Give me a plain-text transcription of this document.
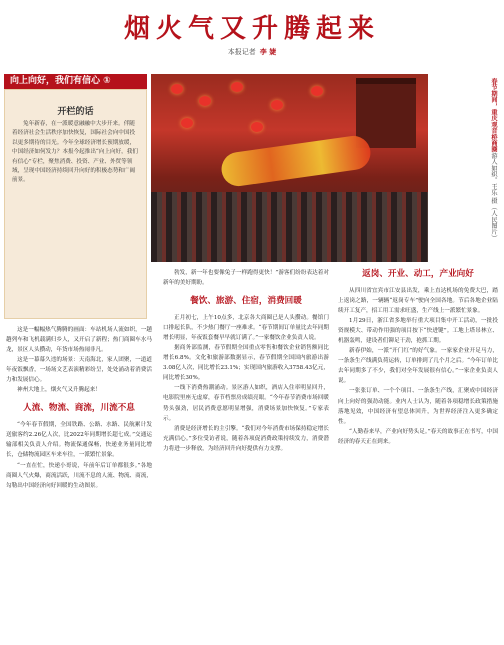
烟火气又升腾起来
本报记者 李 婕
向上向好，我们有信心 ①
开栏的话
兔年新春，在一派暖意融融中大步开来。伴随着经济社会生活秩序加快恢复，国际社会向中国投以更多期待的目光。今年全球经济增长预期放缓，中国经济如何发力？本报今起推出“向上向好，我们有信心”专栏，聚焦消费、投资、产业、外贸等领域，呈现中国经济持续回升向好的积极态势和广阔前景。
春节期间，重庆观音桥商圈游人如织。王乐 摄（人民图片）

这是一幅幅热气腾腾的画面：车站机场人流如织，一趟趟列车和飞机载满归乡人，又开启了新程；热门商圈车水马龙，景区人头攒动，年货市场热闹非凡。

这是一幕幕久违的场景：天南海北，家人团聚，一道道年夜饭飘香，一场场文艺表演精彩纷呈，处处涌动着消费活力和发展信心。

神州大地上，烟火气又升腾起来！

人流、物流、商流，川流不息

“今年春节假期，全国铁路、公路、水路、民航累计发送旅客约2.26亿人次，比2022年同期增长超七成。”交通运输部相关负责人介绍。物流保通保畅，快递业务量同比增长，仓储物流园区车来车往，一派繁忙景象。

“一直在忙，快递小哥说，年前年后订单都很多。”各地商圈人气火爆，商流活跃，川流不息的人流、物流、商流，勾勒出中国经济向好回暖的生动图景。

勃发，新一年也要像兔子一样跑得更快！”游客们纷纷表达着对新年的美好期盼。

餐饮、旅游、住宿，消费回暖

正月初七，上午10点多，北京各大商圈已是人头攒动。餐馆门口排起长队，不少热门餐厅一座难求。“春节期间订单量比去年同期增长明显，年夜饭套餐早早就订满了。”一家餐饮企业负责人说。

据商务部监测，春节假期全国重点零售和餐饮企业销售额同比增长6.8%。文化和旅游部数据显示，春节假期全国国内旅游出游3.08亿人次，同比增长23.1%；实现国内旅游收入3758.43亿元，同比增长30%。

一线下消费热潮涌动。景区游人如织，酒店入住率明显回升，电影院里座无虚席，春节档票房成绩亮眼。“今年春节消费市场回暖势头强劲，居民消费意愿明显增强，消费场景加快恢复。”专家表示。

消费是经济增长的主引擎。“我们对今年消费市场保持稳定增长充满信心。”多位受访者说，随着各项促消费政策持续发力，消费潜力将进一步释放，为经济回升向好提供有力支撑。

返岗、开业、动工，产业向好

从四川省宜宾市江安县出发，乘上直达机场的免费大巴，踏上返岗之路，一辆辆“返岗专车”驶向全国各地。节后各地企业陆续开工复产，招工用工需求旺盛，生产线上一派繁忙景象。

1月29日，浙江省多地举行重大项目集中开工活动，一批投资规模大、带动作用强的项目按下“快进键”。工地上塔吊林立、机器轰鸣，建设者们铆足干劲，抢抓工期。

新春伊始，一派“开门红”的好气象。一家家企业开足马力，一条条生产线满负荷运转，订单排到了几个月之后。“今年订单比去年同期多了不少，我们对全年发展很有信心。”一家企业负责人说。

一张张订单、一个个项目、一条条生产线，汇聚成中国经济向上向好的强劲动能。业内人士认为，随着各项稳增长政策措施落地见效，中国经济有望总体回升，为世界经济注入更多确定性。

“人勤春来早，产业向好势头足。”春天的故事正在书写，中国经济的春天正在到来。
